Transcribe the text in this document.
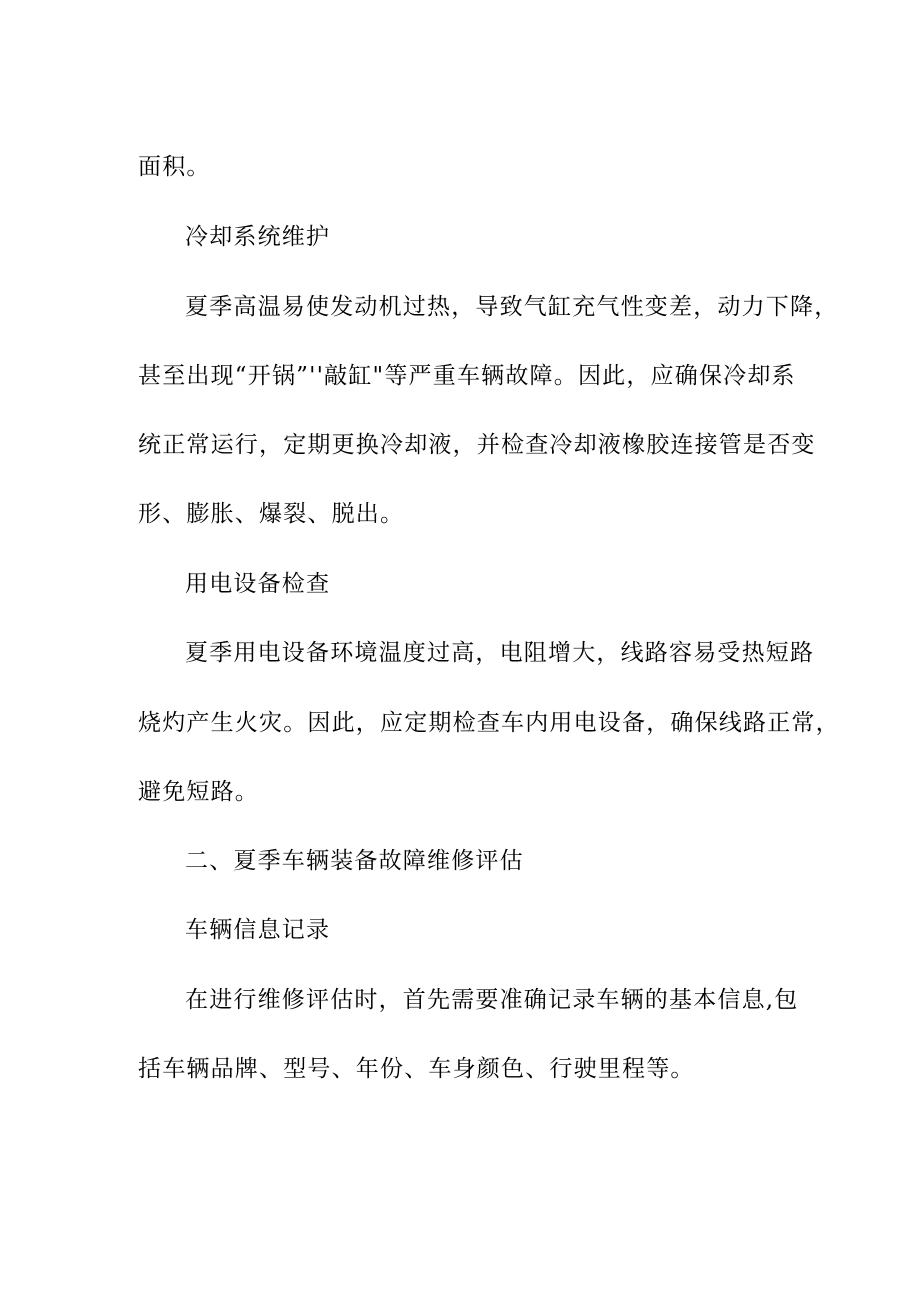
面积。
冷却系统维护
夏季高温易使发动机过热，导致气缸充气性变差，动力下降，
甚至出现“开锅”''敲缸"等严重车辆故障。因此，应确保冷却系
统正常运行，定期更换冷却液，并检查冷却液橡胶连接管是否变
形、膨胀、爆裂、脱出。
用电设备检查
夏季用电设备环境温度过高，电阻增大，线路容易受热短路
烧灼产生火灾。因此，应定期检查车内用电设备，确保线路正常，
避免短路。
二、夏季车辆装备故障维修评估
车辆信息记录
在进行维修评估时，首先需要准确记录车辆的基本信息,包
括车辆品牌、型号、年份、车身颜色、行驶里程等。
